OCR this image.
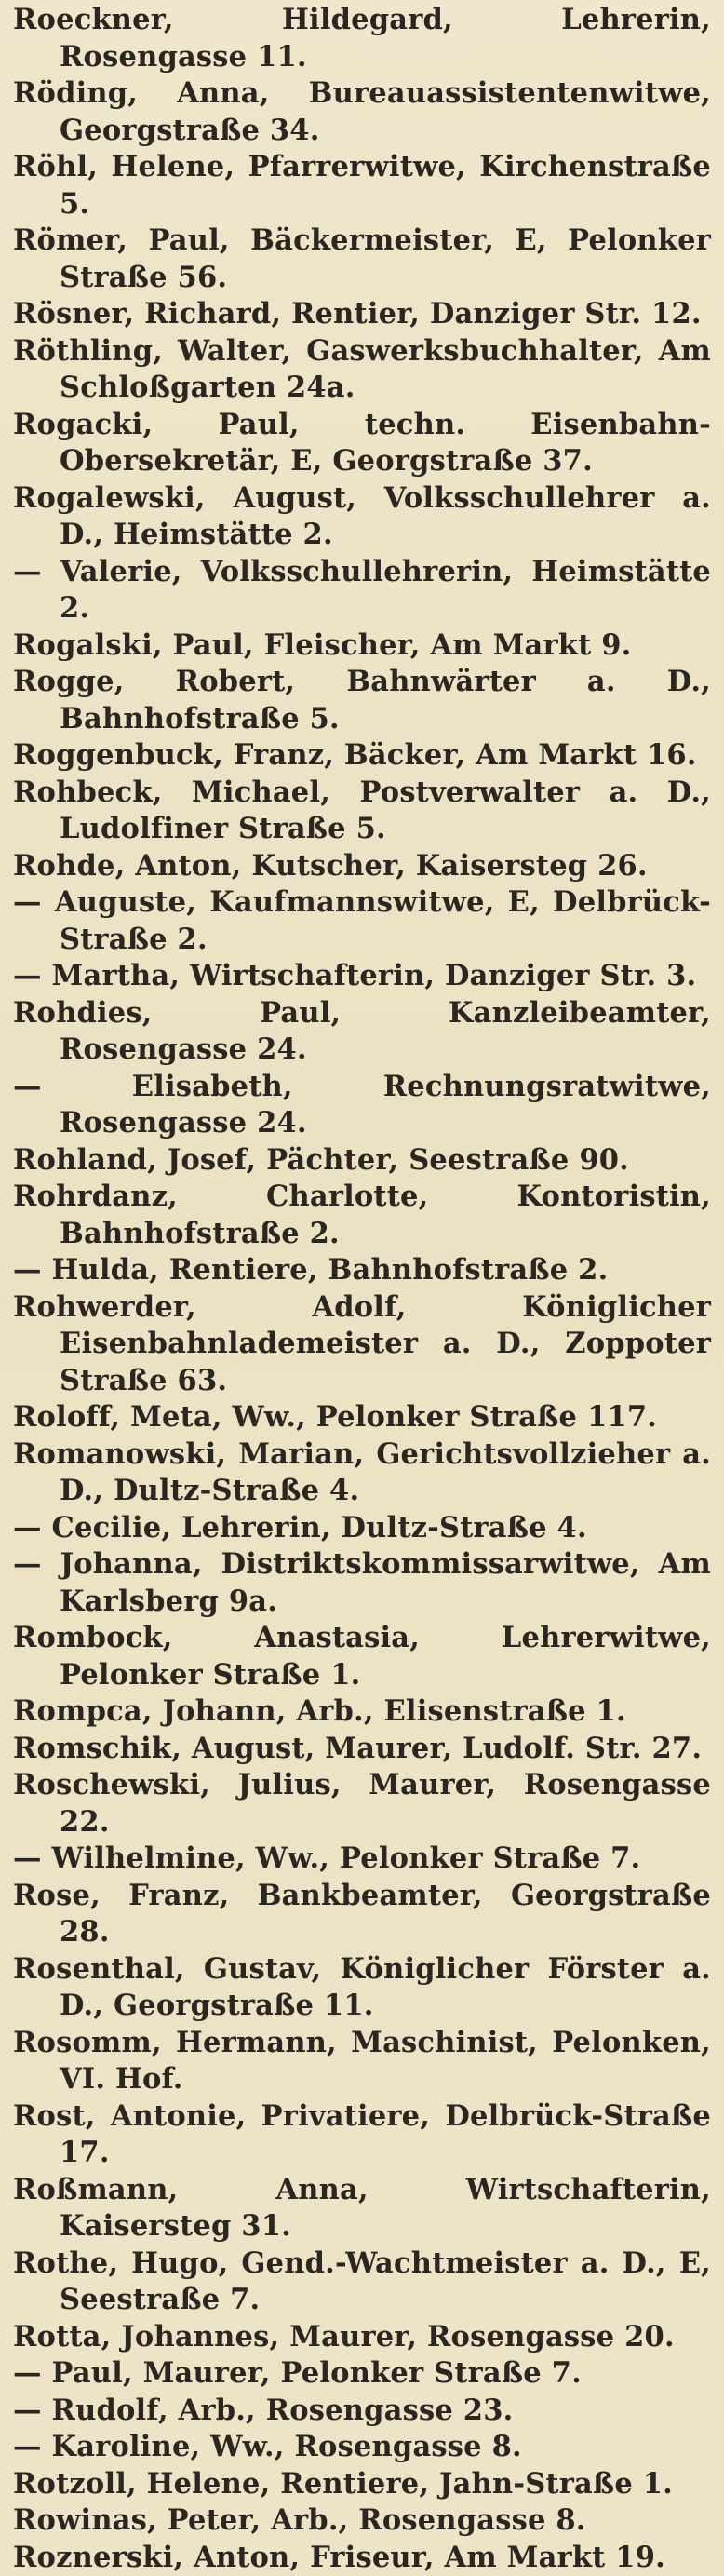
Roeckner, Hildegard, Lehrerin, Rosengasse 11.
Röding, Anna, Bureauassistentenwitwe, Georgstraße 34.
Röhl, Helene, Pfarrerwitwe, Kirchenstraße 5.
Römer, Paul, Bäckermeister, E, Pelonker Straße 56.
Rösner, Richard, Rentier, Danziger Str. 12.
Röthling, Walter, Gaswerksbuchhalter, Am Schloßgarten 24a.
Rogacki, Paul, techn. Eisenbahn-Obersekretär, E, Georgstraße 37.
Rogalewski, August, Volksschullehrer a. D., Heimstätte 2.
— Valerie, Volksschullehrerin, Heimstätte 2.
Rogalski, Paul, Fleischer, Am Markt 9.
Rogge, Robert, Bahnwärter a. D., Bahnhofstraße 5.
Roggenbuck, Franz, Bäcker, Am Markt 16.
Rohbeck, Michael, Postverwalter a. D., Ludolfiner Straße 5.
Rohde, Anton, Kutscher, Kaisersteg 26.
— Auguste, Kaufmannswitwe, E, Delbrück-Straße 2.
— Martha, Wirtschafterin, Danziger Str. 3.
Rohdies, Paul, Kanzleibeamter, Rosengasse 24.
— Elisabeth, Rechnungsratwitwe, Rosengasse 24.
Rohland, Josef, Pächter, Seestraße 90.
Rohrdanz, Charlotte, Kontoristin, Bahnhofstraße 2.
— Hulda, Rentiere, Bahnhofstraße 2.
Rohwerder, Adolf, Königlicher Eisenbahnlademeister a. D., Zoppoter Straße 63.
Roloff, Meta, Ww., Pelonker Straße 117.
Romanowski, Marian, Gerichtsvollzieher a. D., Dultz-Straße 4.
— Cecilie, Lehrerin, Dultz-Straße 4.
— Johanna, Distriktskommissarwitwe, Am Karlsberg 9a.
Rombock, Anastasia, Lehrerwitwe, Pelonker Straße 1.
Rompca, Johann, Arb., Elisenstraße 1.
Romschik, August, Maurer, Ludolf. Str. 27.
Roschewski, Julius, Maurer, Rosengasse 22.
— Wilhelmine, Ww., Pelonker Straße 7.
Rose, Franz, Bankbeamter, Georgstraße 28.
Rosenthal, Gustav, Königlicher Förster a. D., Georgstraße 11.
Rosomm, Hermann, Maschinist, Pelonken, VI. Hof.
Rost, Antonie, Privatiere, Delbrück-Straße 17.
Roßmann, Anna, Wirtschafterin, Kaisersteg 31.
Rothe, Hugo, Gend.-Wachtmeister a. D., E, Seestraße 7.
Rotta, Johannes, Maurer, Rosengasse 20.
— Paul, Maurer, Pelonker Straße 7.
— Rudolf, Arb., Rosengasse 23.
— Karoline, Ww., Rosengasse 8.
Rotzoll, Helene, Rentiere, Jahn-Straße 1.
Rowinas, Peter, Arb., Rosengasse 8.
Roznerski, Anton, Friseur, Am Markt 19.
